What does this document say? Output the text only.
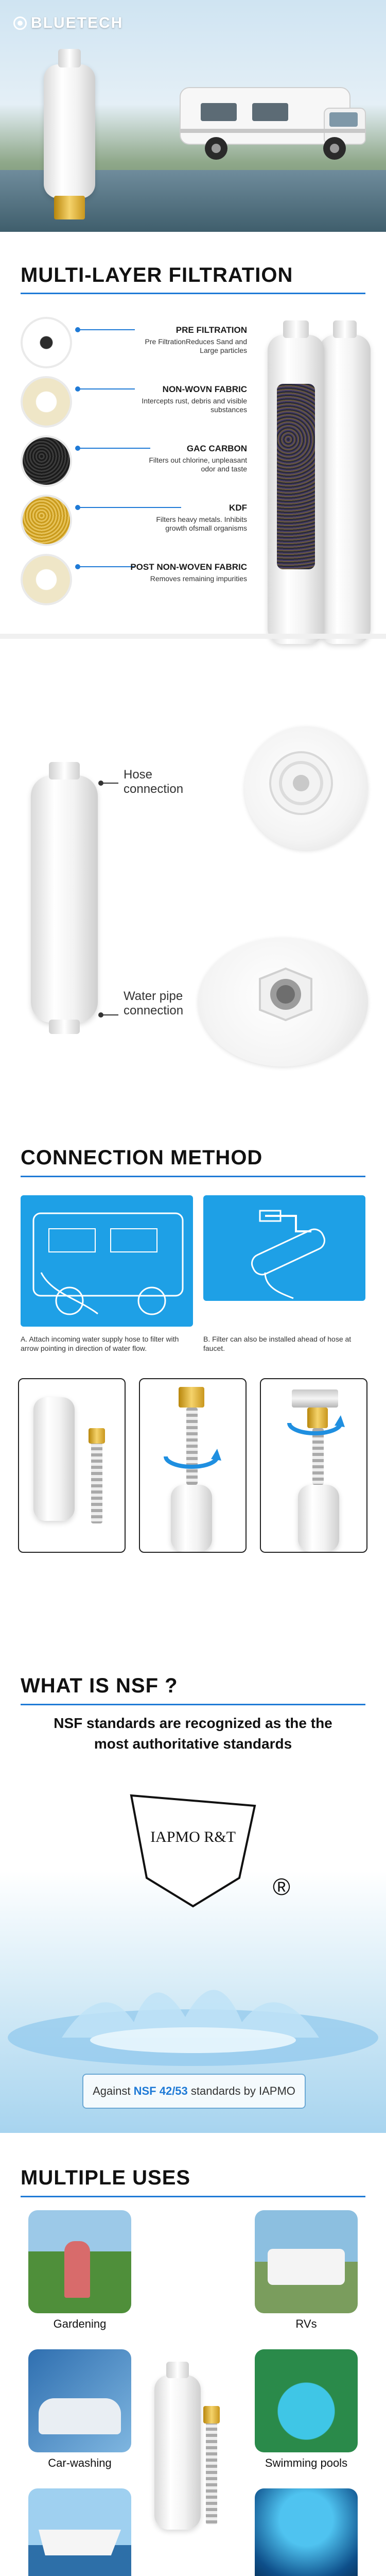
BLUETECH
MULTI-LAYER FILTRATION
PRE FILTRATION
Pre FiltrationReduces Sand and Large particles
NON-WOVN FABRIC
Intercepts rust, debris and visible substances
GAC CARBON
Filters out chlorine, unpleasant odor and taste
KDF
Filters heavy metals. Inhibits growth ofsmall organisms
POST NON-WOVEN FABRIC
Removes remaining impurities
Hose
connection
Water pipe
connection
CONNECTION METHOD
A. Attach incoming water supply hose to filter with arrow pointing in direction of water flow.
B. Filter can also be installed ahead of hose at faucet.
WHAT IS NSF ?
NSF standards are recognized as the the
most authoritative standards
IAPMO R&T
®
Against NSF 42/53 standards by IAPMO
MULTIPLE USES
Gardening	RVs
Car-washing	Swimming pools
